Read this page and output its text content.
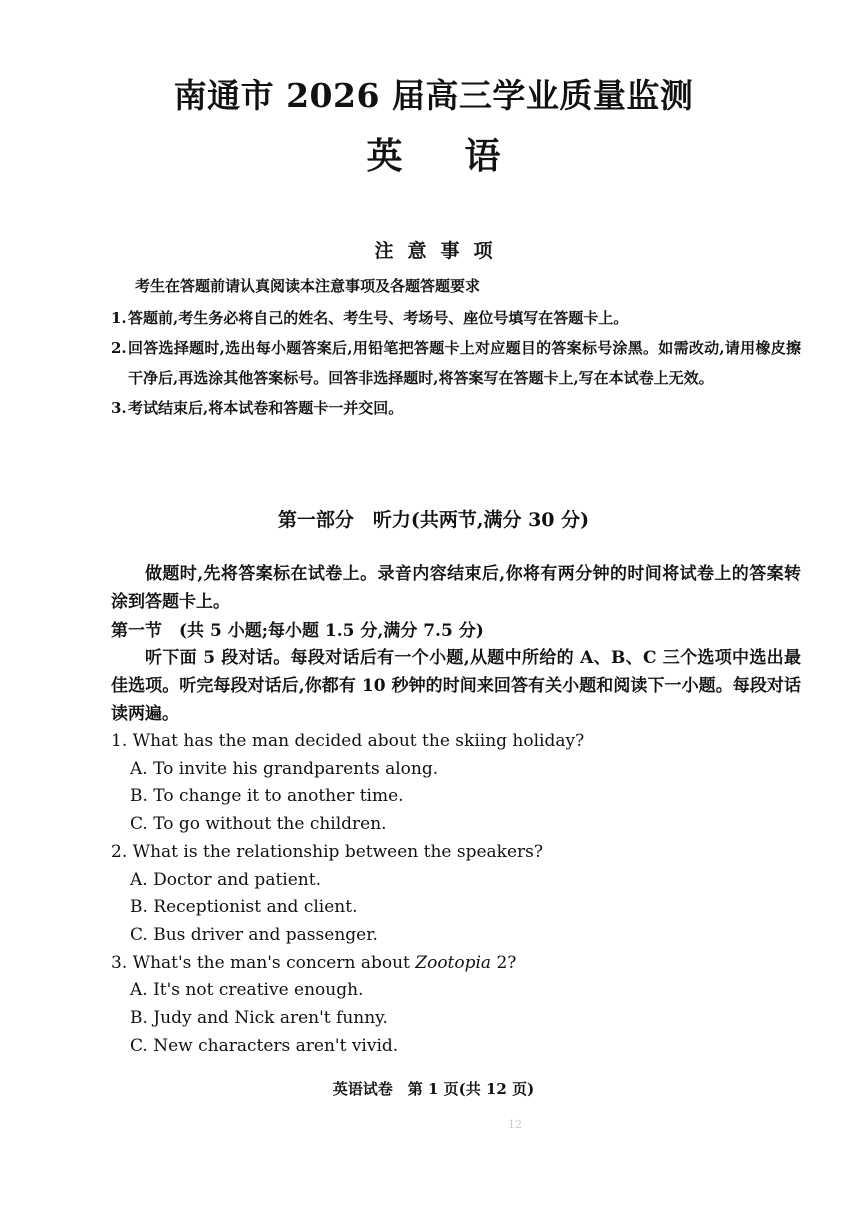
南通市 2026 届高三学业质量监测
英语
注意事项
考生在答题前请认真阅读本注意事项及各题答题要求
1. 答题前,考生务必将自己的姓名、考生号、考场号、座位号填写在答题卡上。
2. 回答选择题时,选出每小题答案后,用铅笔把答题卡上对应题目的答案标号涂黑。如需改动,请用橡皮擦干净后,再选涂其他答案标号。回答非选择题时,将答案写在答题卡上,写在本试卷上无效。
3. 考试结束后,将本试卷和答题卡一并交回。
第一部分　听力(共两节,满分 30 分)
做题时,先将答案标在试卷上。录音内容结束后,你将有两分钟的时间将试卷上的答案转涂到答题卡上。
第一节　(共 5 小题;每小题 1.5 分,满分 7.5 分)
听下面 5 段对话。每段对话后有一个小题,从题中所给的 A、B、C 三个选项中选出最佳选项。听完每段对话后,你都有 10 秒钟的时间来回答有关小题和阅读下一小题。每段对话读两遍。
1. What has the man decided about the skiing holiday?
A. To invite his grandparents along.
B. To change it to another time.
C. To go without the children.
2. What is the relationship between the speakers?
A. Doctor and patient.
B. Receptionist and client.
C. Bus driver and passenger.
3. What's the man's concern about Zootopia 2?
A. It's not creative enough.
B. Judy and Nick aren't funny.
C. New characters aren't vivid.
英语试卷　第 1 页(共 12 页)
12
